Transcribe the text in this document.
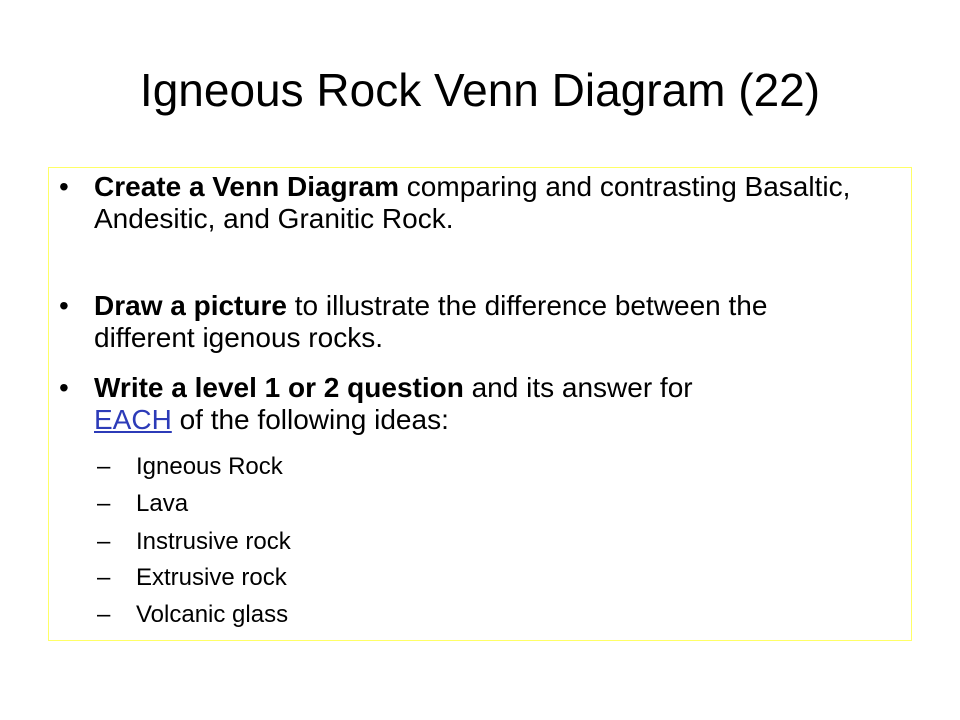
Igneous Rock Venn Diagram (22)
• Create a Venn Diagram comparing and contrasting Basaltic, Andesitic, and Granitic Rock.
• Draw a picture to illustrate the difference between the different igenous rocks.
• Write a level 1 or 2 question and its answer for
EACH of the following ideas:
– Igneous Rock
– Lava
– Instrusive rock
– Extrusive rock
– Volcanic glass
